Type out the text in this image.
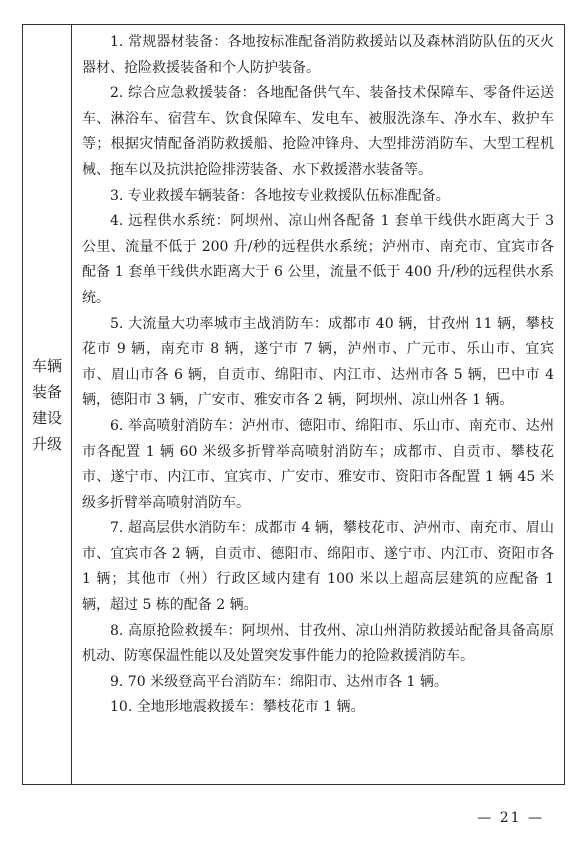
车辆
装备
建设
升级

1. 常规器材装备：各地按标准配备消防救援站以及森林消防队伍的灭火器材、抢险救援装备和个人防护装备。

2. 综合应急救援装备：各地配备供气车、装备技术保障车、零备件运送车、淋浴车、宿营车、饮食保障车、发电车、被服洗涤车、净水车、救护车等；根据灾情配备消防救援船、抢险冲锋舟、大型排涝消防车、大型工程机械、拖车以及抗洪抢险排涝装备、水下救援潜水装备等。

3. 专业救援车辆装备：各地按专业救援队伍标准配备。

4. 远程供水系统：阿坝州、凉山州各配备 1 套单干线供水距离大于 3 公里、流量不低于 200 升/秒的远程供水系统；泸州市、南充市、宜宾市各配备 1 套单干线供水距离大于 6 公里，流量不低于 400 升/秒的远程供水系统。

5. 大流量大功率城市主战消防车：成都市 40 辆，甘孜州 11 辆，攀枝花市 9 辆，南充市 8 辆，遂宁市 7 辆，泸州市、广元市、乐山市、宜宾市、眉山市各 6 辆，自贡市、绵阳市、内江市、达州市各 5 辆，巴中市 4 辆，德阳市 3 辆，广安市、雅安市各 2 辆，阿坝州、凉山州各 1 辆。

6. 举高喷射消防车：泸州市、德阳市、绵阳市、乐山市、南充市、达州市各配置 1 辆 60 米级多折臂举高喷射消防车；成都市、自贡市、攀枝花市、遂宁市、内江市、宜宾市、广安市、雅安市、资阳市各配置 1 辆 45 米级多折臂举高喷射消防车。

7. 超高层供水消防车：成都市 4 辆，攀枝花市、泸州市、南充市、眉山市、宜宾市各 2 辆，自贡市、德阳市、绵阳市、遂宁市、内江市、资阳市各 1 辆；其他市（州）行政区域内建有 100 米以上超高层建筑的应配备 1 辆，超过 5 栋的配备 2 辆。

8. 高原抢险救援车：阿坝州、甘孜州、凉山州消防救援站配备具备高原机动、防寒保温性能以及处置突发事件能力的抢险救援消防车。

9. 70 米级登高平台消防车：绵阳市、达州市各 1 辆。

10. 全地形地震救援车：攀枝花市 1 辆。

— 21 —
